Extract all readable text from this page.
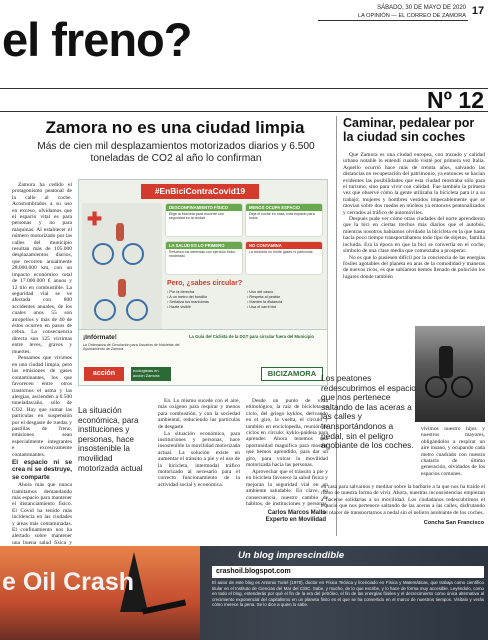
el freno?
SÁBADO, 30 DE MAYO DE 2020
LA OPINIÓN — EL CORREO DE ZAMORA 17
Nº 12
Zamora no es una ciudad limpia
Más de cien mil desplazamientos motorizados diarios y 6.500 toneladas de CO2 al año lo confirman

Zamora ha cedido el protagonismo peatonal de la calle al coche. Acostumbrados a su uso en exceso, olvidamos que el espacio vital es para personas y no para máquinas. Al establecer el número motorizado por las calles del municipio resultan más de 105.000 desplazamientos diarios, que recorren anualmente 28.000.000 km, con un impacto económico total de 17.000.000 € anuos y 12 tilo en combustible. La seguridad vial se ve afectada con 800 accidentes anuales, de los cuales unos 55 son atropellos y más de 40 de éstos ocurren en pasos de cebra. La consecuencia directa son 125 víctimas entre leves, graves y muertes.

Pensamos que vivimos en una ciudad limpia, pero las emisiones de gases contaminantes, los que favorecen entre otros trastornos el asma y las alergias, ascienden a 6.500 toneladas/año, sólo de CO2. Hay que sumar las partículas en suspensión por el desgaste de ruedas y pastillas de freno, emisiones sean especialmente integrantes e excesivamente contaminantes.

El espacio ni se crea ni se destruye, se comparte

Ahora más que nunca tramitamos demandando más espacio para mantener el distanciamiento físico. El Covid ha tenido más incidencia en las ciudades y áreas más contaminadas. El confinamiento nos ha alertado sobre mantener una buena salud física y

#EnBiciContraCovid19
✚
DESCONFINAMIENTO FÍSICO
Elige la bicicleta para moverte con seguridad en la ciudad
MENOS OCUPA ESPACIO
Deja el coche en casa, más espacio para todos
LA SALUD ES LO PRIMERO
Refuerza tus defensas con ejercicio físico moderado
NO CONTAMINA
La bicicleta no emite gases ni partículas
Pero, ¿sabes circular?
• Por la derecha
• A un metro del bordillo
• Señaliza tus maniobras
• Hazte visible
• Uso del casco
• Respeta al peatón
• Mantén la distancia
• Usa el carril bici
¡Infórmate!
La Ordenanza de Circulación para Usuarios de bicicletas del Ayuntamiento de Zamora
La Guía del Ciclista de la DGT para circular fuera del Municipio
acción	ecologistas en acción Zamora	BICIZAMORA
La situación económica, para instituciones y personas, hace insostenible la movilidad motorizada actual

En. Lo mismo sucede con el aire, más oxígeno para respirar y menos para combustión, y con la sociedad ambiental, reduciendo las partículas de desgaste.

La situación económica, para instituciones y personas, hace insostenible la movilidad motorizada actual. La solución existe en aumentar el tránsito a pie y el uso de la bicicleta, intermodal tráfico motorizado al necesario para el correcto funcionamiento de la actividad social y económica.

Desde un punto de vista etimológico, la raíz de bicicleta es ciclo, del griego kyklos, derivando en el giro, la vuelta, el círculo y también en enciclopedia, reunión de ciclos en círculo: kyklo-paideia para aprender. Ahora tenemos una oportunidad magnífica para mostrar que hemos aprendido, para dar un giro, para volcar la movilidad motorizada hacia las personas.

Aprovechar que el tránsito a pie y en bicicleta favorece la salud física y mejoran la seguridad vial en un ambiente saludable. En clave, en consecuencia, nuestro cambio de hábitos, de instituciones y personas,

Carlos Marcos Mallo
Experto en Movilidad
Caminar, pedalear por la ciudad sin coches

Que Zamora es una ciudad europea, con trazado y calidad urbano notable lo entendí cuando visité por primera vez Italia. Aquello ocurrió hace más de treinta años, salvando las distancias en recuperación del patrimonio, ya entonces se hacían evidentes las posibilidades que esta ciudad mostraba sólo para el turismo, sino para vivir con calidad. Fue también la primera vez que observé cómo la gente utilizaba la bicicleta para ir a su trabajo; mujeres y hombres vestidos impecablemente que se movían sobre dos ruedas en núcleos ya entonces peatonalizados y cerrados al tráfico de automóviles.

Después pude ver cómo otras ciudades del norte aprendieron que la bici en ciertas trechos más diarios que el autobús, mientras nosotros habíamos olvidado la bicicleta en la que hasta hacía poco tiempo transportábamos todo tipo de objetos, familia incluida. Era la época en que la bici se convertía en el coche, símbolo de una clase media que comenzaba a prosperar.

No es que lo pusiesen difícil por la conciencia de las energías fósiles agotables del planeta en aras de la comodidad y maneras de nuevos ricos, es que sabíamos hemos llenado de polución los lugares donde también

Los peatones redescubrimos el espacio que nos pertenece saltando de las aceras a las calles y transportándonos a pedal, sin el peligro agobiante de los coches.
vivimos nuestro hijos y nuestros mayores, obligándolos a respirar un aire insano, y ocupando cada metro cuadrado con nuestra chatarra de último generación, olvidados de los espacios comunes.
en casa para salvarnos y meditar sobre la barbarie a la que nos ha traído el ritmo de nuestra forma de vivir. Ahora, nuestras inconsistencias empiezan a hacerse solidarias a su movilidad. Los ciudadanos redescubrimos el espacio que nos pertenece saltando de las aceras a las calles, disfrutando del placer de transportarnos a pedal sin el peligro agobiante de los coches.
Concha San Francisco
e Oil Crash
Un blog imprescindible
crashoil.blogspot.com
El autor de este blog es Antonio Turiel (1970), doctor en Física Teórica y licenciado en Física y Matemáticas, que trabaja como científico titular en el Instituto de Ciencias del Mar del CSIC. Sabe, y mucho, de lo que escribe, y lo hace de forma muy accesible. Leyéndolo, como en todo el blog, entenderás por qué el fin de la era del petróleo, el fin de las energías fósiles y el decrecimiento como única alternativa al crecimiento exponencial del capitalismo en un planeta finito es el que se ha convertido en el marco de nuestros tiempos. Visítalo y verás cómo merece la pena. Se lo dice a quien lo sabe.
